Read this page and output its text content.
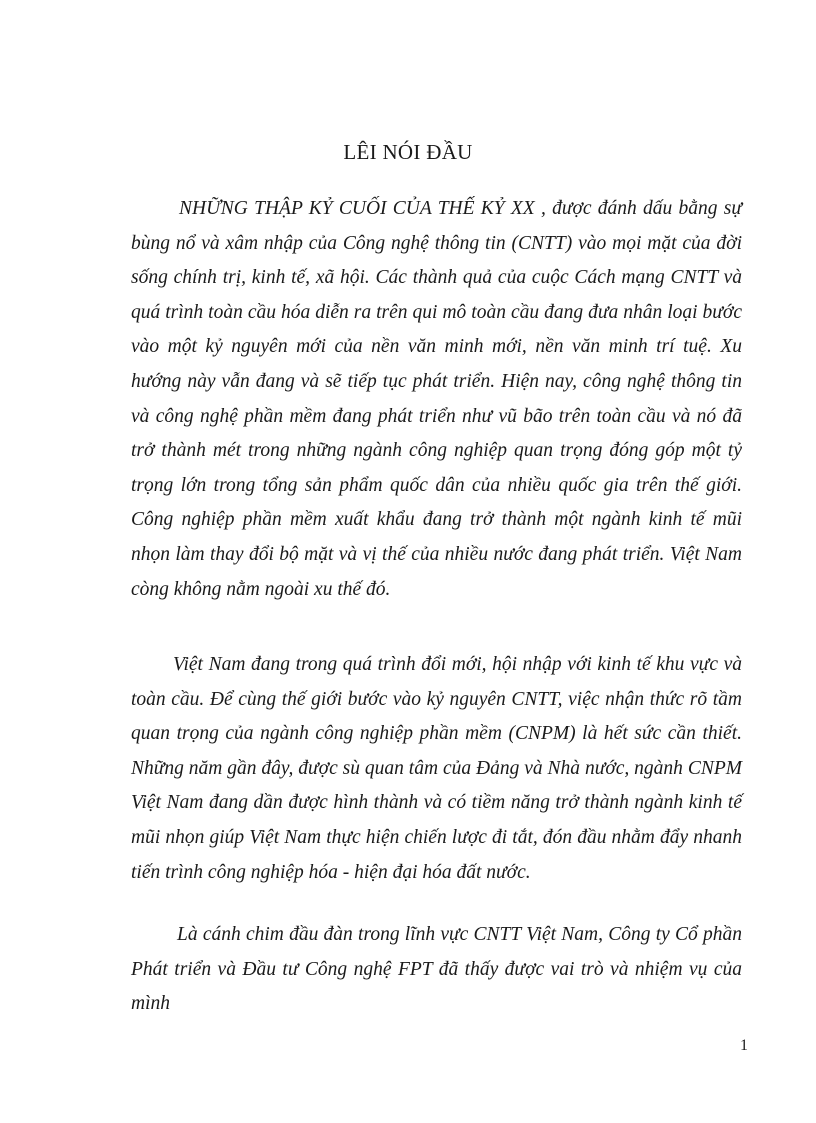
LÊI NÓI ĐẦU

NHỮNG THẬP KỶ CUỐI CỦA THẾ KỶ XX , được đánh dấu bằng sự bùng nổ và xâm nhập của Công nghệ thông tin (CNTT) vào mọi mặt của đời sống chính trị, kinh tế, xã hội. Các thành quả của cuộc Cách mạng CNTT và quá trình toàn cầu hóa diễn ra trên qui mô toàn cầu đang đưa nhân loại bước vào một kỷ nguyên mới của nền văn minh mới, nền văn minh trí tuệ. Xu hướng này vẫn đang và sẽ tiếp tục phát triển. Hiện nay, công nghệ thông tin và công nghệ phần mềm đang phát triển như vũ bão trên toàn cầu và nó đã trở thành mét trong những ngành công nghiệp quan trọng đóng góp một tỷ trọng lớn trong tổng sản phẩm quốc dân của nhiều quốc gia trên thế giới. Công nghiệp phần mềm xuất khẩu đang trở thành một ngành kinh tế mũi nhọn làm thay đổi bộ mặt và vị thế của nhiều nước đang phát triển. Việt Nam còng không nằm ngoài xu thế đó.

Việt Nam đang trong quá trình đổi mới, hội nhập với kinh tế khu vực và toàn cầu. Để cùng thế giới bước vào kỷ nguyên CNTT, việc nhận thức rõ tầm quan trọng của ngành công nghiệp phần mềm (CNPM) là hết sức cần thiết. Những năm gần đây, được sù quan tâm của Đảng và Nhà nước, ngành CNPM Việt Nam đang dần được hình thành và có tiềm năng trở thành ngành kinh tế mũi nhọn giúp Việt Nam thực hiện chiến lược đi tắt, đón đầu nhằm đẩy nhanh tiến trình công nghiệp hóa - hiện đại hóa đất nước.

Là cánh chim đầu đàn trong lĩnh vực CNTT Việt Nam, Công ty Cổ phần Phát triển và Đầu tư Công nghệ FPT đã thấy được vai trò và nhiệm vụ của mình

1
